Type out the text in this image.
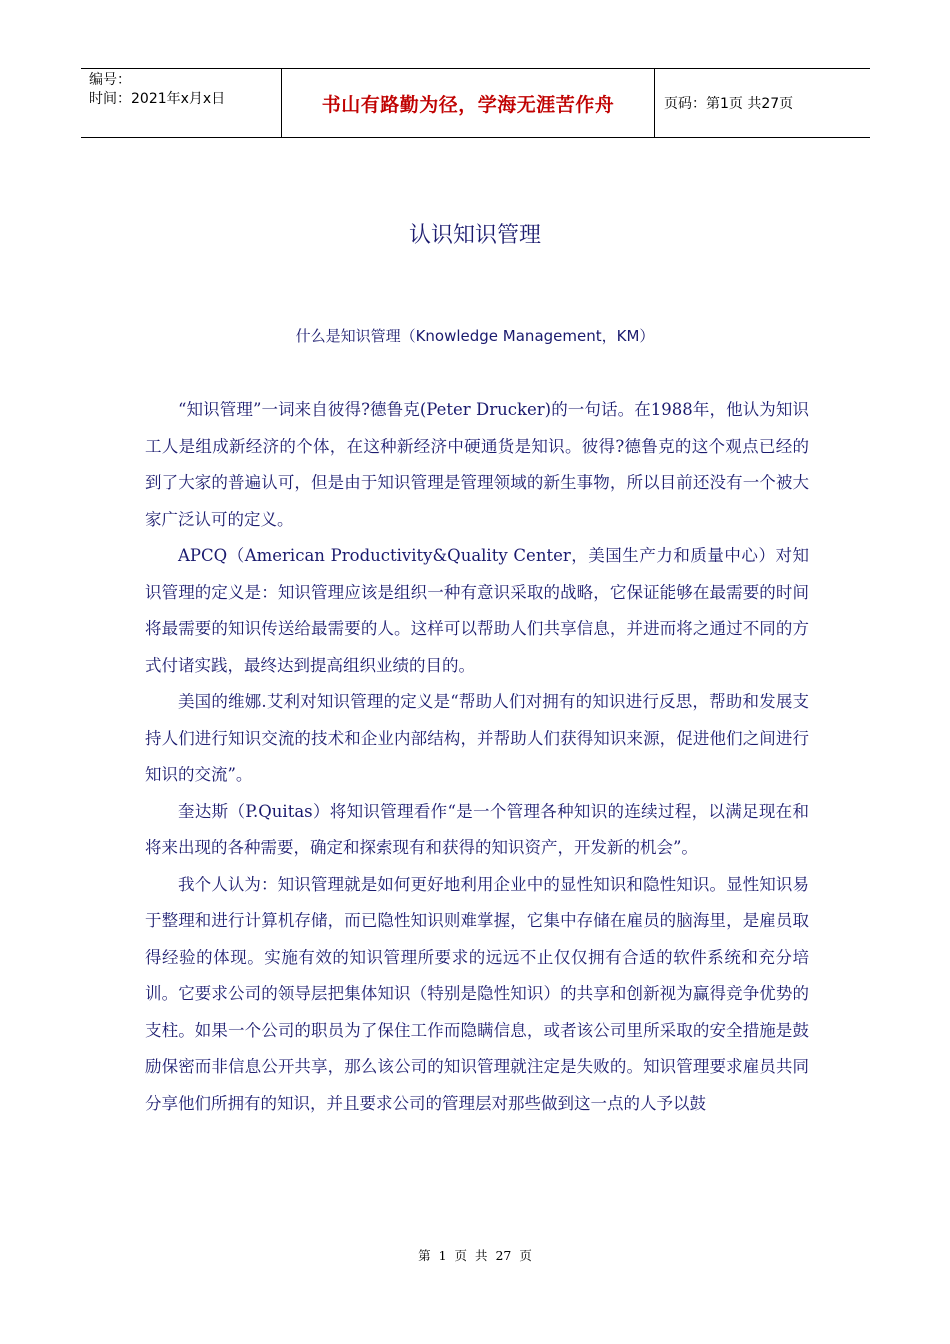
编号：
时间：2021年x月x日	书山有路勤为径，学海无涯苦作舟	页码：第1页 共27页
认识知识管理
什么是知识管理（Knowledge Management，KM）

“知识管理”一词来自彼得?德鲁克(Peter Drucker)的一句话。在1988年，他认为知识工人是组成新经济的个体，在这种新经济中硬通货是知识。彼得?德鲁克的这个观点已经的到了大家的普遍认可，但是由于知识管理是管理领域的新生事物，所以目前还没有一个被大家广泛认可的定义。

APCQ（American Productivity&Quality Center，美国生产力和质量中心）对知识管理的定义是：知识管理应该是组织一种有意识采取的战略，它保证能够在最需要的时间将最需要的知识传送给最需要的人。这样可以帮助人们共享信息，并进而将之通过不同的方式付诸实践，最终达到提高组织业绩的目的。

美国的维娜.艾利对知识管理的定义是“帮助人们对拥有的知识进行反思，帮助和发展支持人们进行知识交流的技术和企业内部结构，并帮助人们获得知识来源，促进他们之间进行知识的交流”。

奎达斯（P.Quitas）将知识管理看作“是一个管理各种知识的连续过程，以满足现在和将来出现的各种需要，确定和探索现有和获得的知识资产，开发新的机会”。

我个人认为：知识管理就是如何更好地利用企业中的显性知识和隐性知识。显性知识易于整理和进行计算机存储，而已隐性知识则难掌握，它集中存储在雇员的脑海里，是雇员取得经验的体现。实施有效的知识管理所要求的远远不止仅仅拥有合适的软件系统和充分培训。它要求公司的领导层把集体知识（特别是隐性知识）的共享和创新视为赢得竞争优势的支柱。如果一个公司的职员为了保住工作而隐瞒信息，或者该公司里所采取的安全措施是鼓励保密而非信息公开共享，那么该公司的知识管理就注定是失败的。知识管理要求雇员共同分享他们所拥有的知识，并且要求公司的管理层对那些做到这一点的人予以鼓

第 1 页 共 27 页
